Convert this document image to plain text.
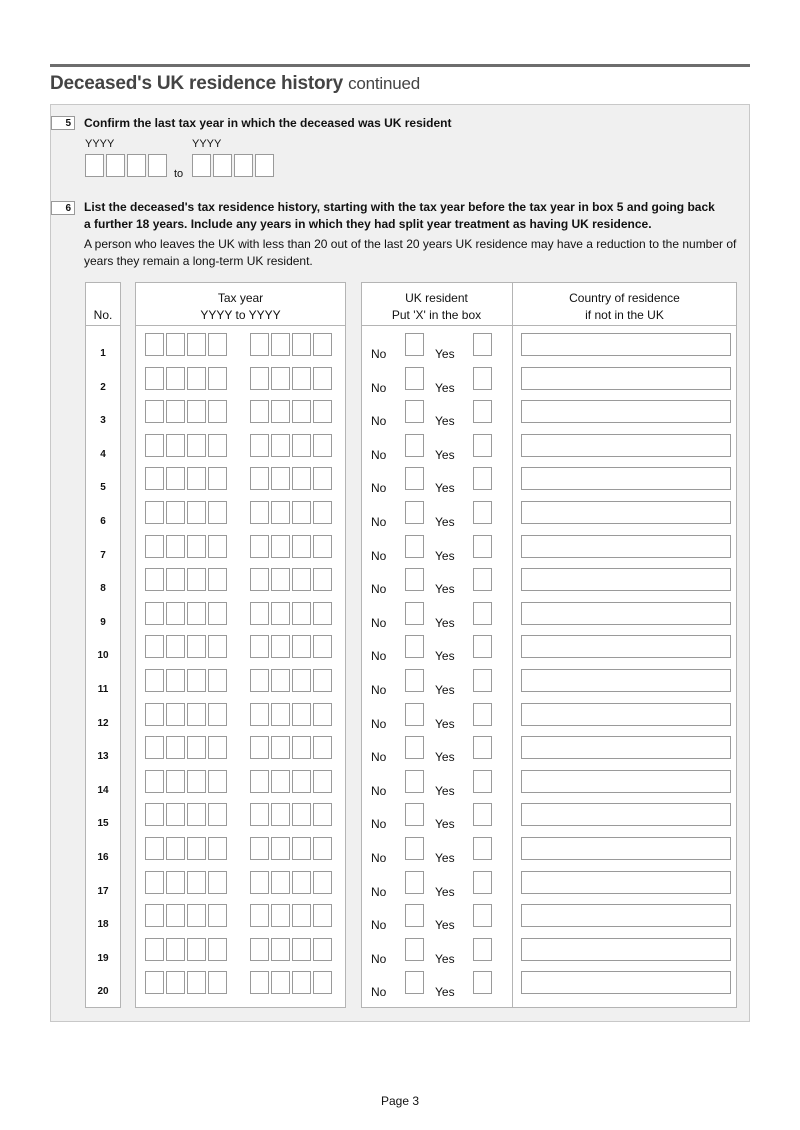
Deceased's UK residence history continued
5	Confirm the last tax year in which the deceased was UK resident
YYYY	YYYY
to
6	List the deceased's tax residence history, starting with the tax year before the tax year in box 5 and going back
a further 18 years. Include any years in which they had split year treatment as having UK residence.
A person who leaves the UK with less than 20 out of the last 20 years UK residence may have a reduction to the number of
years they remain a long-term UK resident.
No.
Tax year
YYYY to YYYY
UK resident
Put 'X' in the box
Country of residence
if not in the UK
1	No	Yes
2	No	Yes
3	No	Yes
4	No	Yes
5	No	Yes
6	No	Yes
7	No	Yes
8	No	Yes
9	No	Yes
10	No	Yes
11	No	Yes
12	No	Yes
13	No	Yes
14	No	Yes
15	No	Yes
16	No	Yes
17	No	Yes
18	No	Yes
19	No	Yes
20	No	Yes
Page 3
